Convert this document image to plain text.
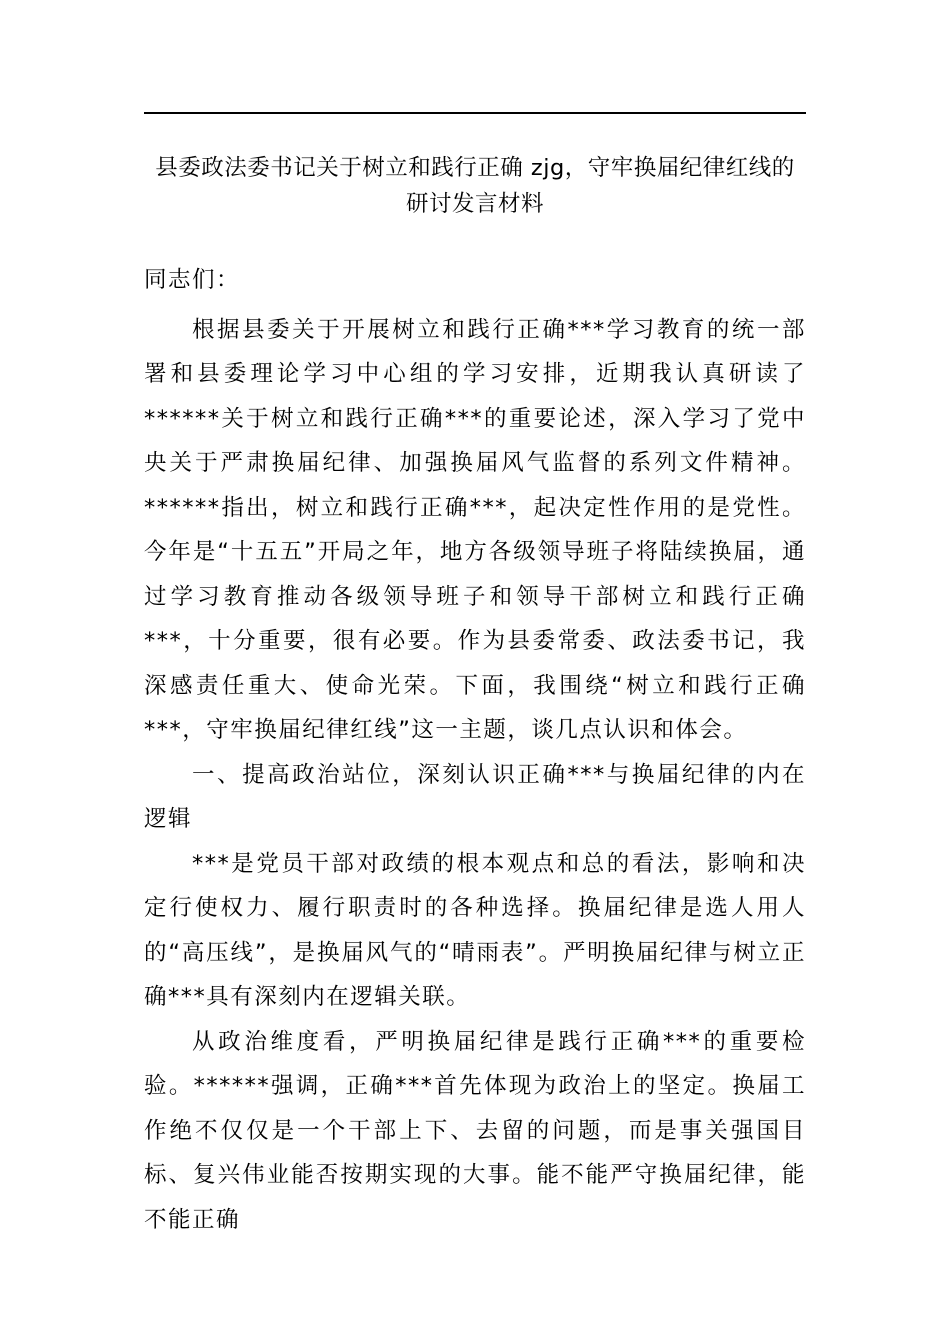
县委政法委书记关于树立和践行正确 zjg，守牢换届纪律红线的
研讨发言材料

同志们：

根据县委关于开展树立和践行正确***学习教育的统一部署和县委理论学习中心组的学习安排，近期我认真研读了******关于树立和践行正确***的重要论述，深入学习了党中央关于严肃换届纪律、加强换届风气监督的系列文件精神。******指出，树立和践行正确***，起决定性作用的是党性。今年是“十五五”开局之年，地方各级领导班子将陆续换届，通过学习教育推动各级领导班子和领导干部树立和践行正确***，十分重要，很有必要。作为县委常委、政法委书记，我深感责任重大、使命光荣。下面，我围绕“树立和践行正确***，守牢换届纪律红线”这一主题，谈几点认识和体会。

一、提高政治站位，深刻认识正确***与换届纪律的内在逻辑

***是党员干部对政绩的根本观点和总的看法，影响和决定行使权力、履行职责时的各种选择。换届纪律是选人用人的“高压线”，是换届风气的“晴雨表”。严明换届纪律与树立正确***具有深刻内在逻辑关联。

从政治维度看，严明换届纪律是践行正确***的重要检验。******强调，正确***首先体现为政治上的坚定。换届工作绝不仅仅是一个干部上下、去留的问题，而是事关强国目标、复兴伟业能否按期实现的大事。能不能严守换届纪律，能不能正确
